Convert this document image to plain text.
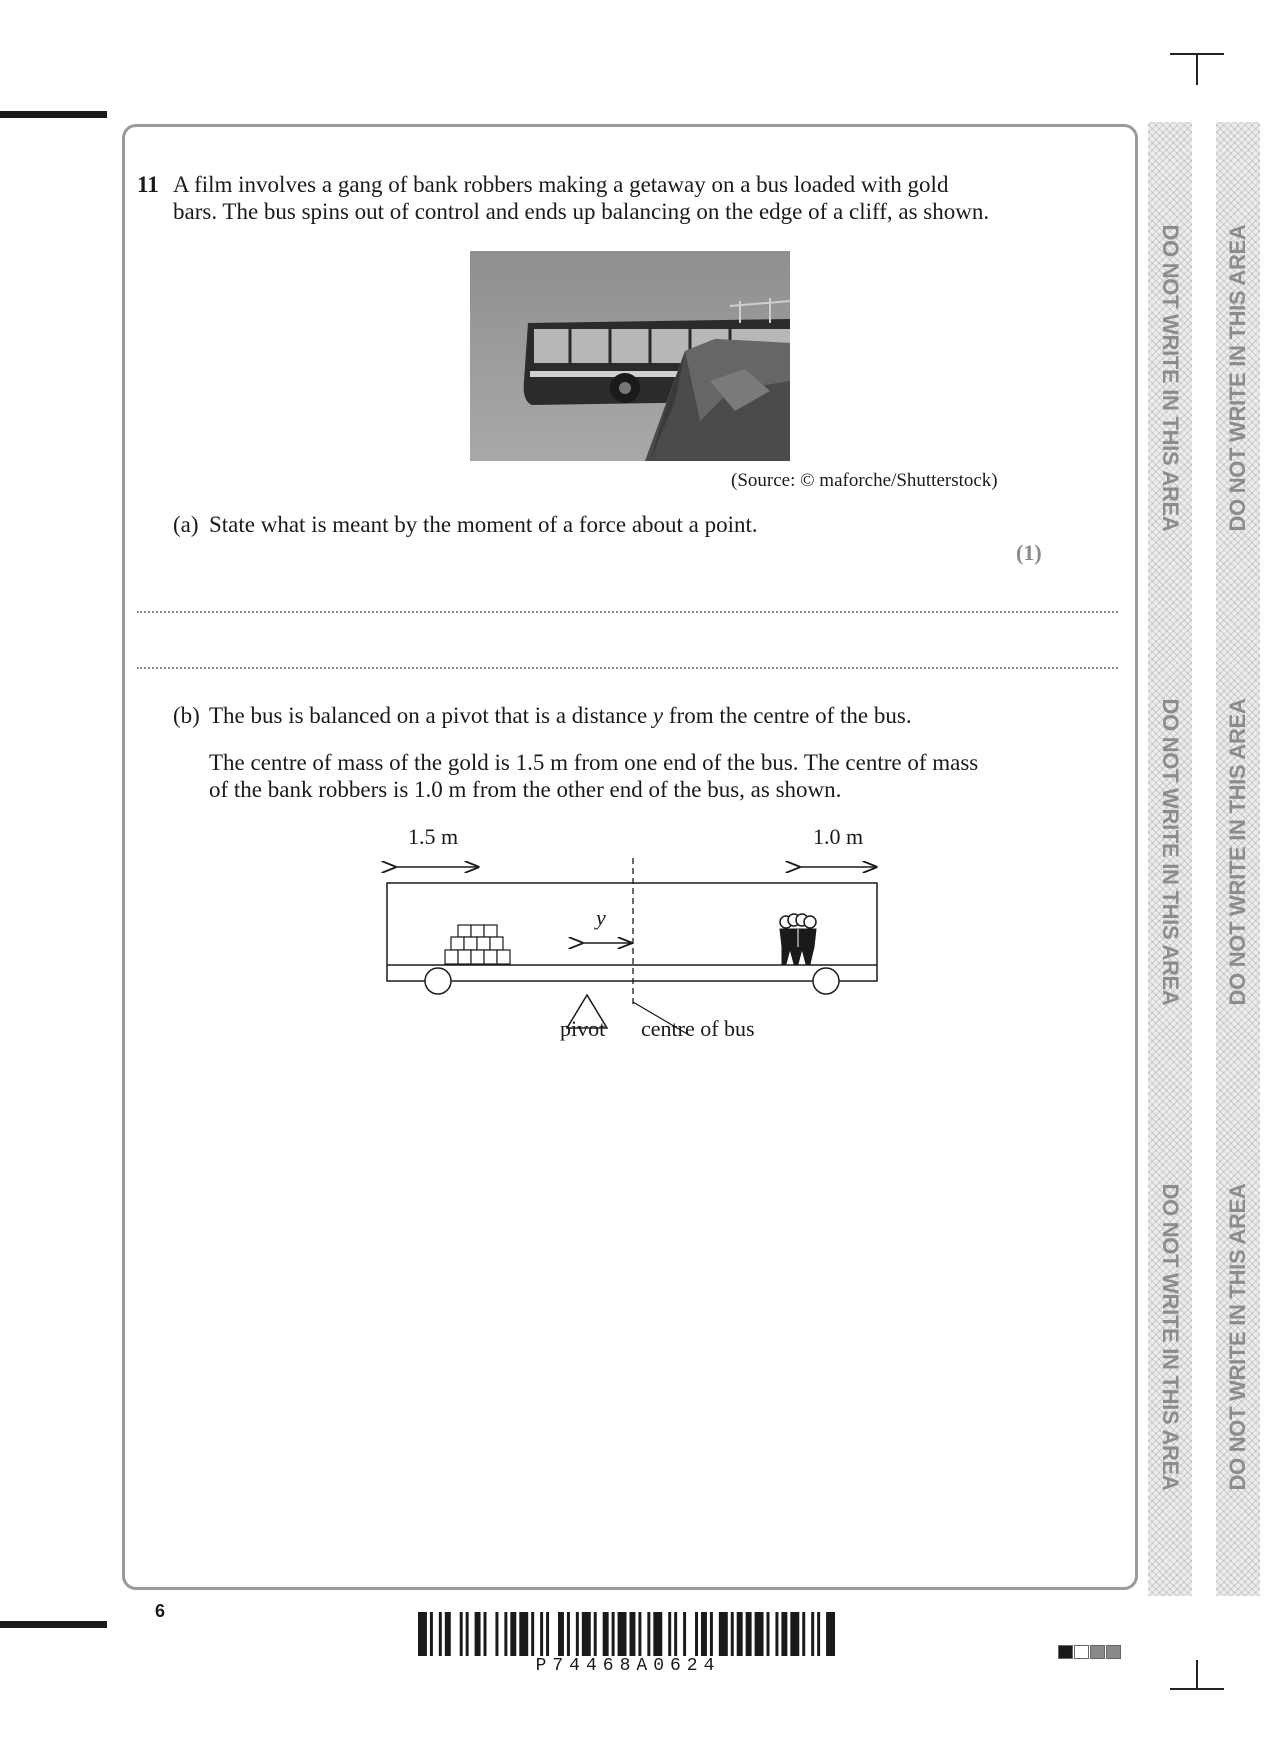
DO NOT WRITE IN THIS AREA
DO NOT WRITE IN THIS AREA
DO NOT WRITE IN THIS AREA
DO NOT WRITE IN THIS AREA
DO NOT WRITE IN THIS AREA
DO NOT WRITE IN THIS AREA
11 A film involves a gang of bank robbers making a getaway on a bus loaded with gold
bars. The bus spins out of control and ends up balancing on the edge of a cliff, as shown.
(Source: © maforche/Shutterstock)
(a) State what is meant by the moment of a force about a point.
(1)
(b) The bus is balanced on a pivot that is a distance y from the centre of the bus.
The centre of mass of the gold is 1.5 m from one end of the bus. The centre of mass
of the bank robbers is 1.0 m from the other end of the bus, as shown.
1.5 m	1.0 m
y
pivot centre of bus
6
P74468A0624
